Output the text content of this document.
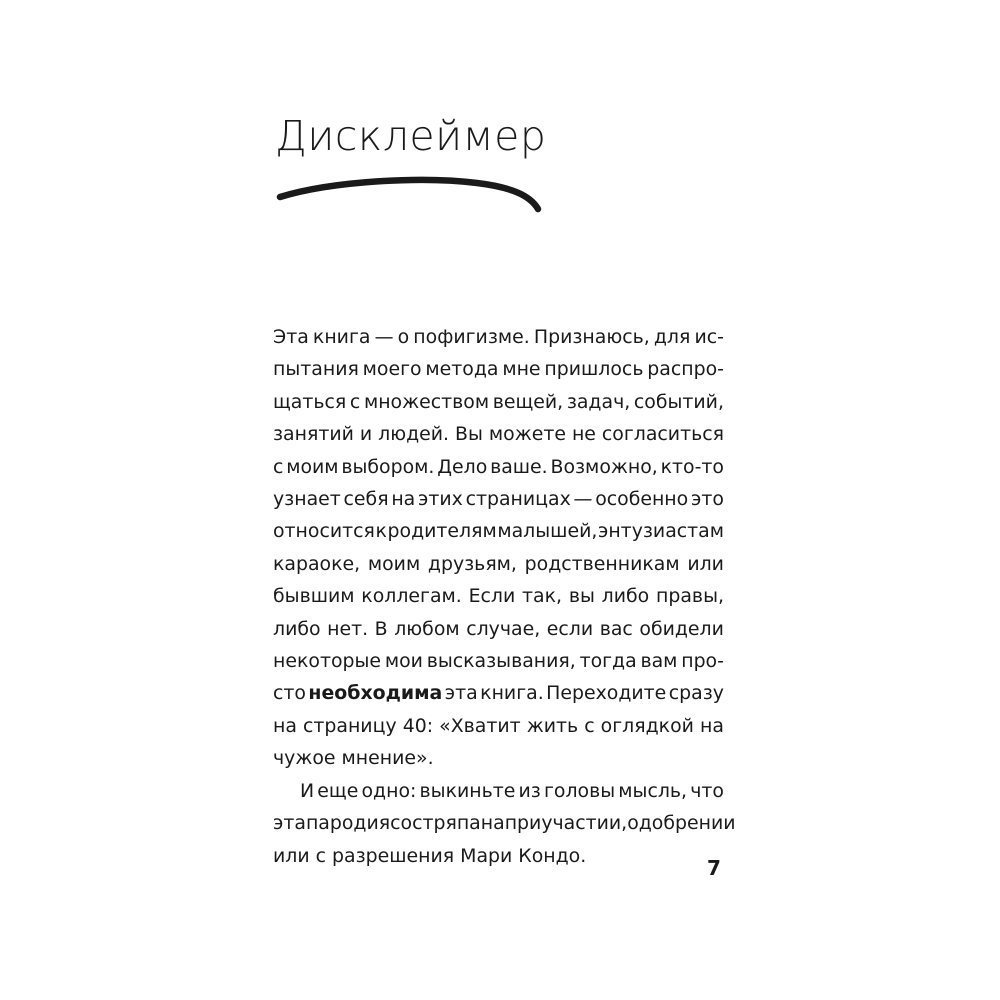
Дисклеймер
Эта книга — о пофигизме. Признаюсь, для ис-
пытания моего метода мне пришлось распро-
щаться с множеством вещей, задач, событий,
занятий и людей. Вы можете не согласиться
с моим выбором. Дело ваше. Возможно, кто-то
узнает себя на этих страницах — особенно это
относится к родителям малышей, энтузиастам
караоке, моим друзьям, родственникам или
бывшим коллегам. Если так, вы либо правы,
либо нет. В любом случае, если вас обидели
некоторые мои высказывания, тогда вам про-
сто необходима эта книга. Переходите сразу
на страницу 40: «Хватит жить с оглядкой на
чужое мнение».
И еще одно: выкиньте из головы мысль, что
эта пародия состряпана при участии, одобрении
или с разрешения Мари Кондо.
7
